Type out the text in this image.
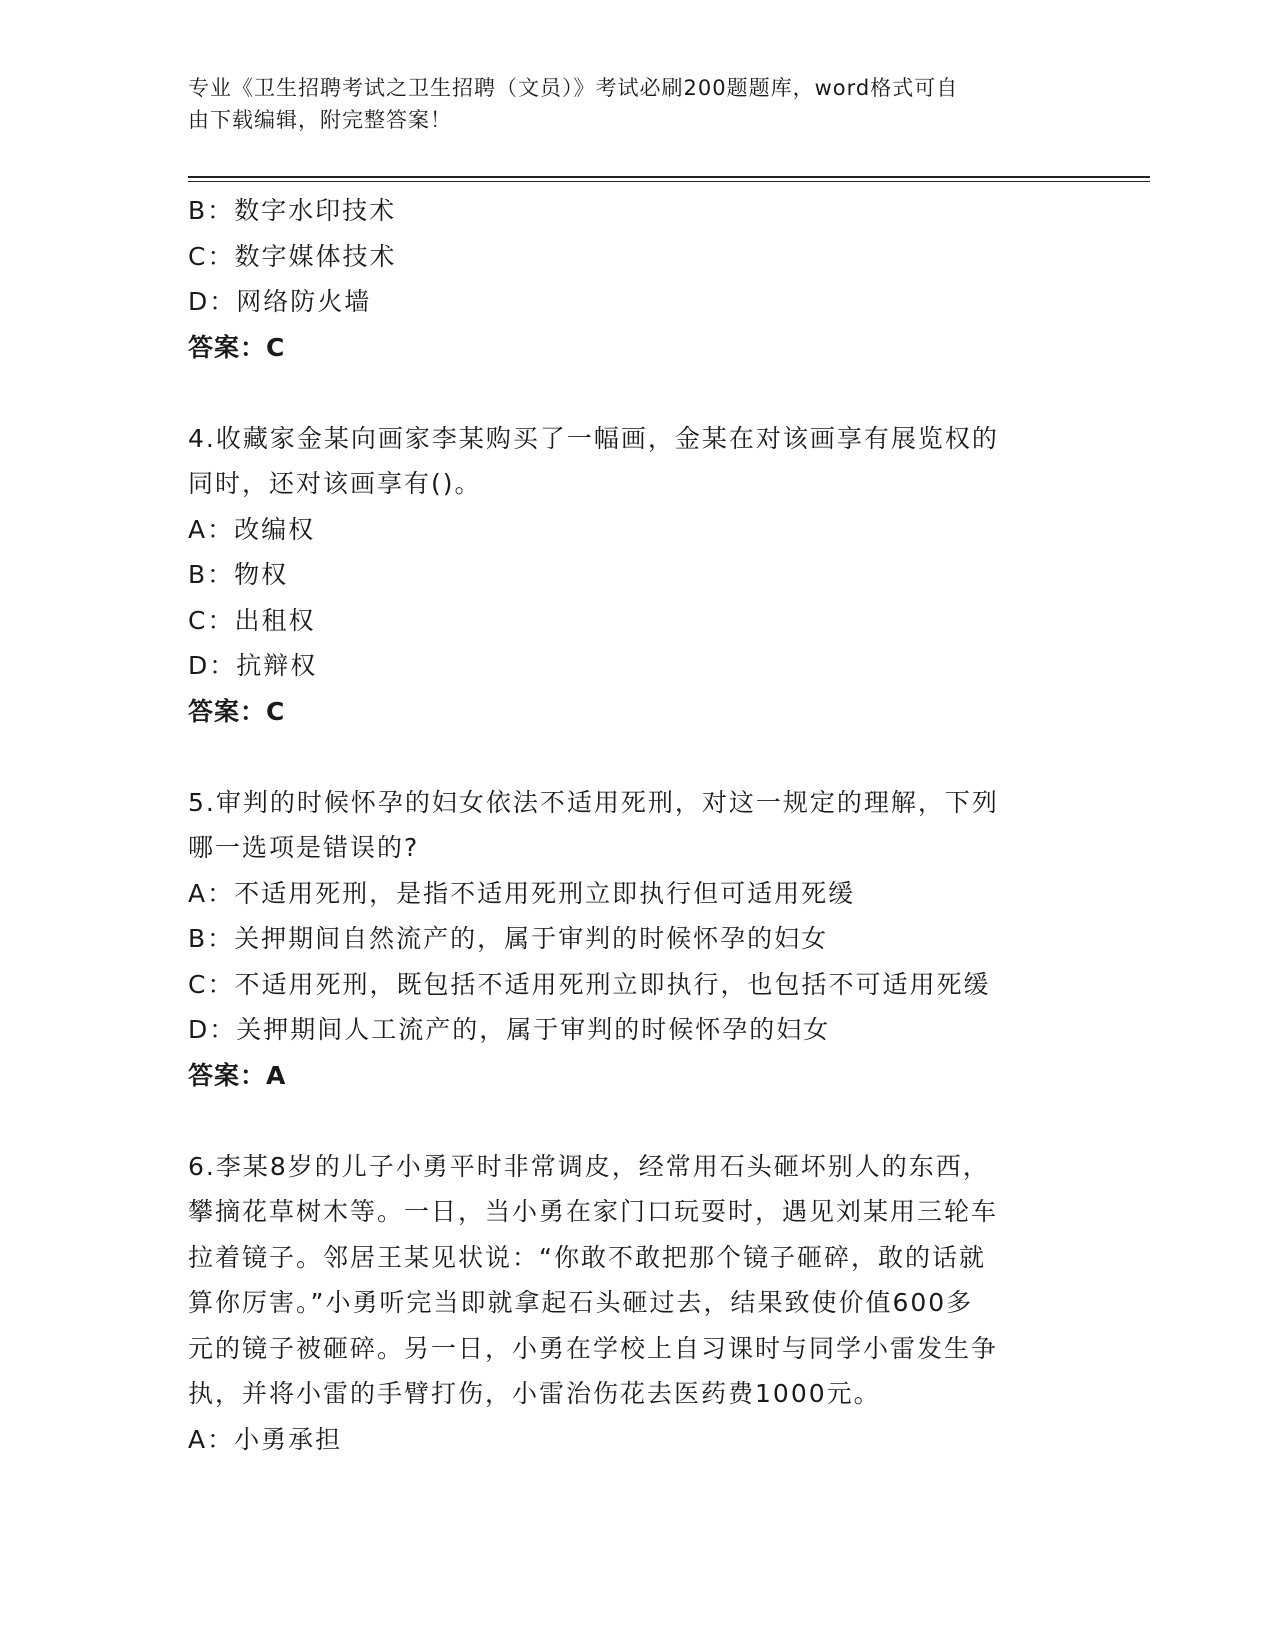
专业《卫生招聘考试之卫生招聘（文员）》考试必刷200题题库，word格式可自
由下载编辑，附完整答案！
B：数字水印技术
C：数字媒体技术
D：网络防火墙
答案：C
4.收藏家金某向画家李某购买了一幅画，金某在对该画享有展览权的
同时，还对该画享有()。
A：改编权
B：物权
C：出租权
D：抗辩权
答案：C
5.审判的时候怀孕的妇女依法不适用死刑，对这一规定的理解，下列
哪一选项是错误的?
A：不适用死刑，是指不适用死刑立即执行但可适用死缓
B：关押期间自然流产的，属于审判的时候怀孕的妇女
C：不适用死刑，既包括不适用死刑立即执行，也包括不可适用死缓
D：关押期间人工流产的，属于审判的时候怀孕的妇女
答案：A
6.李某8岁的儿子小勇平时非常调皮，经常用石头砸坏别人的东西，
攀摘花草树木等。一日，当小勇在家门口玩耍时，遇见刘某用三轮车
拉着镜子。邻居王某见状说：“你敢不敢把那个镜子砸碎，敢的话就
算你厉害。”小勇听完当即就拿起石头砸过去，结果致使价值600多
元的镜子被砸碎。另一日，小勇在学校上自习课时与同学小雷发生争
执，并将小雷的手臂打伤，小雷治伤花去医药费1000元。
A：小勇承担
